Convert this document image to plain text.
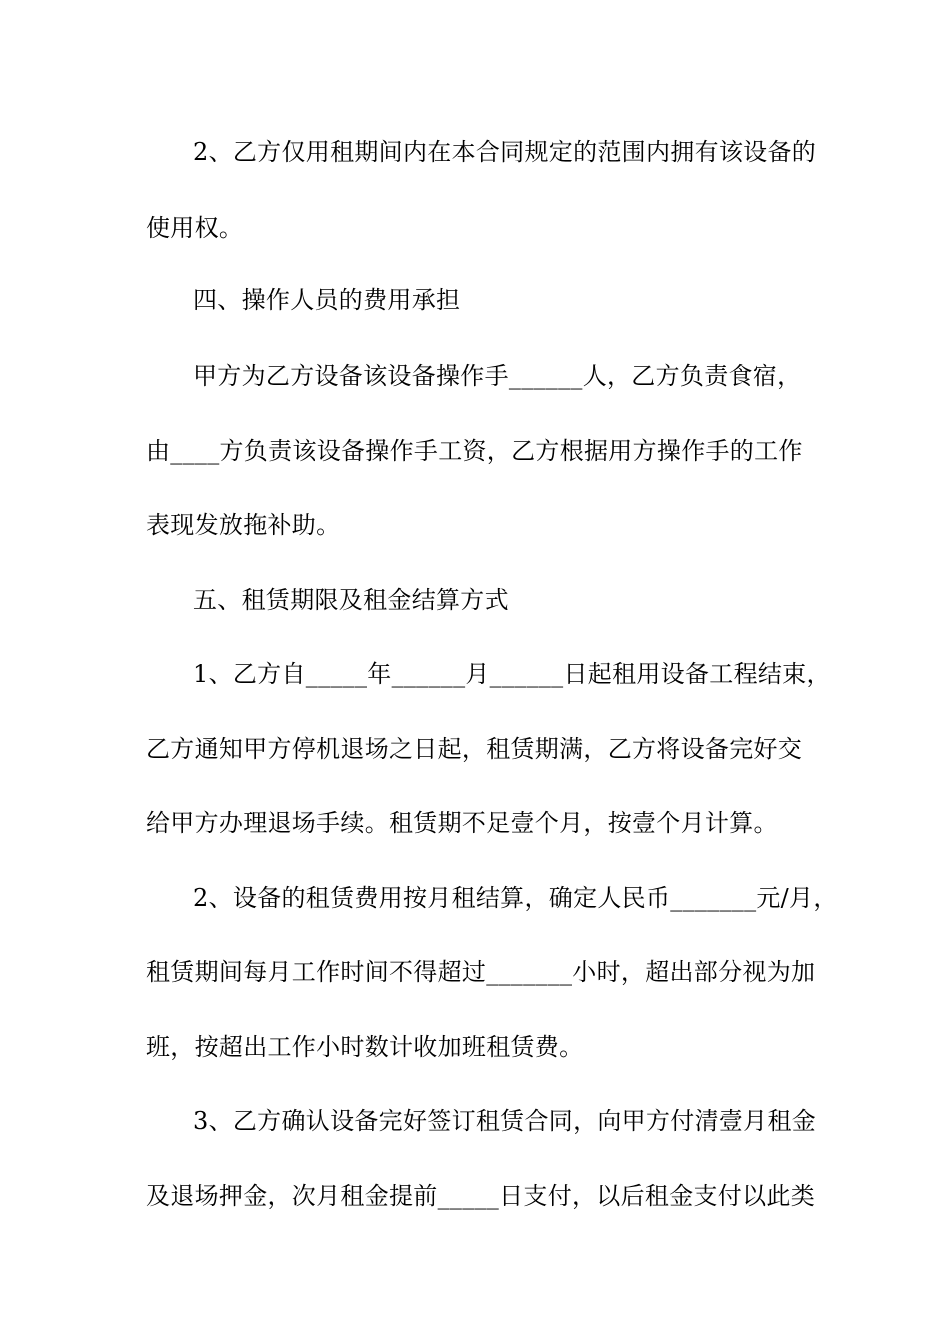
2、乙方仅用租期间内在本合同规定的范围内拥有该设备的
使用权。
四、操作人员的费用承担
甲方为乙方设备该设备操作手______人，乙方负责食宿，
由____方负责该设备操作手工资，乙方根据用方操作手的工作
表现发放拖补助。
五、租赁期限及租金结算方式
1、乙方自_____年______月______日起租用设备工程结束，
乙方通知甲方停机退场之日起，租赁期满，乙方将设备完好交
给甲方办理退场手续。租赁期不足壹个月，按壹个月计算。
2、设备的租赁费用按月租结算，确定人民币_______元/月，
租赁期间每月工作时间不得超过_______小时，超出部分视为加
班，按超出工作小时数计收加班租赁费。
3、乙方确认设备完好签订租赁合同，向甲方付清壹月租金
及退场押金，次月租金提前_____日支付，以后租金支付以此类
